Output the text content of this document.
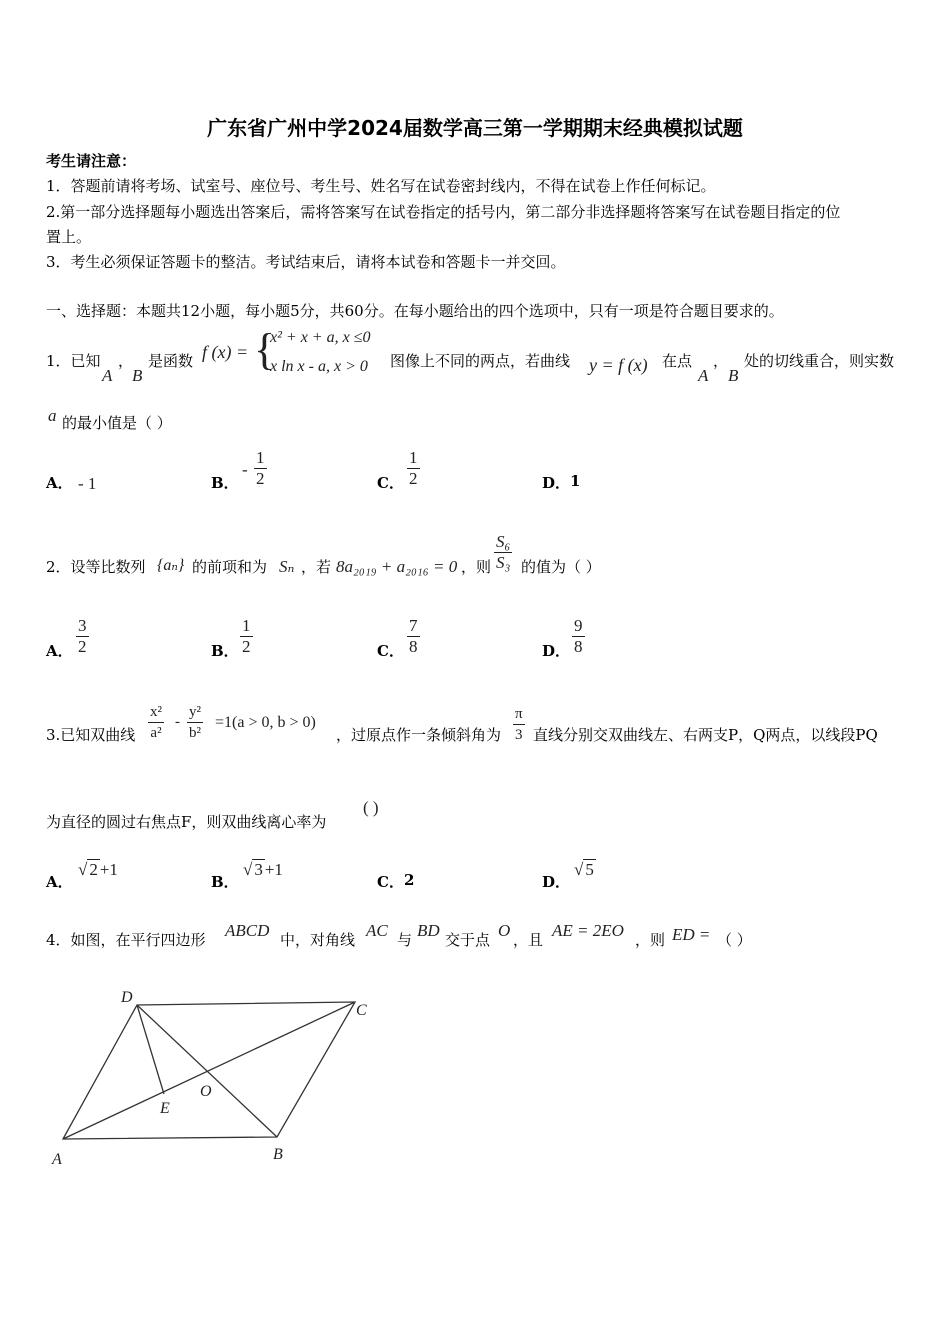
广东省广州中学2024届数学高三第一学期期末经典模拟试题
考生请注意：
1．答题前请将考场、试室号、座位号、考生号、姓名写在试卷密封线内，不得在试卷上作任何标记。
2.第一部分选择题每小题选出答案后，需将答案写在试卷指定的括号内，第二部分非选择题将答案写在试卷题目指定的位
置上。
3．考生必须保证答题卡的整洁。考试结束后，请将本试卷和答题卡一并交回。
一、选择题：本题共12小题，每小题5分，共60分。在每小题给出的四个选项中，只有一项是符合题目要求的。
1．已知
A
，
B
是函数 f (x) = {
x² + x + a, x ≤0
x ln x - a, x > 0 图像上不同的两点，若曲线 y = f (x) 在点
A
，
B
处的切线重合，则实数
a 的最小值是（ ）
A． - 1	B．
-
1
2	C．
1
2	D． 1
2．设等比数列 {aₙ} 的前项和为 Sₙ ，若 8a₂₀₁₉ + a₂₀₁₆ = 0 ，则
S₆
S₃ 的值为（ ）
A．
3
2	B．
1
2	C．
7
8	D．
9
8
3.已知双曲线
x²
a²
-
y²
b²
=1(a > 0, b > 0)
，过原点作一条倾斜角为
π
3 直线分别交双曲线左、右两支P，Q两点，以线段PQ
为直径的圆过右焦点F，则双曲线离心率为
( )
A．
√ 2 +1
B．
√ 3 +1
C． 2	D．
√ 5
4．如图，在平行四边形 ABCD 中，对角线 AC 与 BD 交于点 O ，且 AE = 2EO ，则 ED = （ ）
A	B
C
D
E
O
